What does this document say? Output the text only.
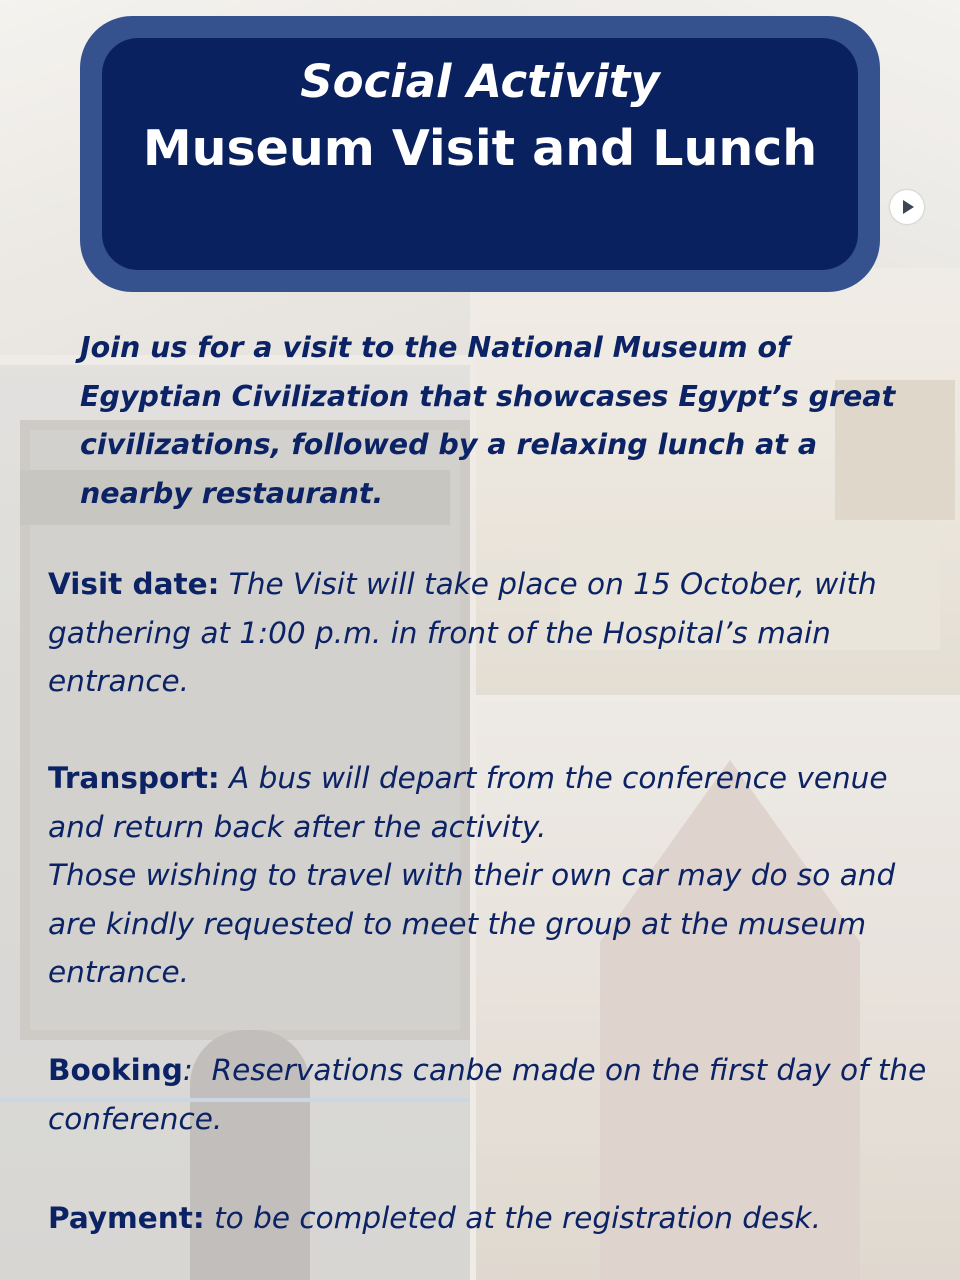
Social Activity
Museum Visit and Lunch

Join us for a visit to the National Museum of Egyptian Civilization that showcases Egypt’s great civilizations, followed by a relaxing lunch at a nearby restaurant.

Visit date: The Visit will take place on 15 October, with gathering at 1:00 p.m. in front of the Hospital’s main entrance.

Transport: A bus will depart from the conference venue and return back after the activity.
Those wishing to travel with their own car may do so and are kindly requested to meet the group at the museum entrance.

Booking: Reservations canbe made on the first day of the conference.

Payment: to be completed at the registration desk.
